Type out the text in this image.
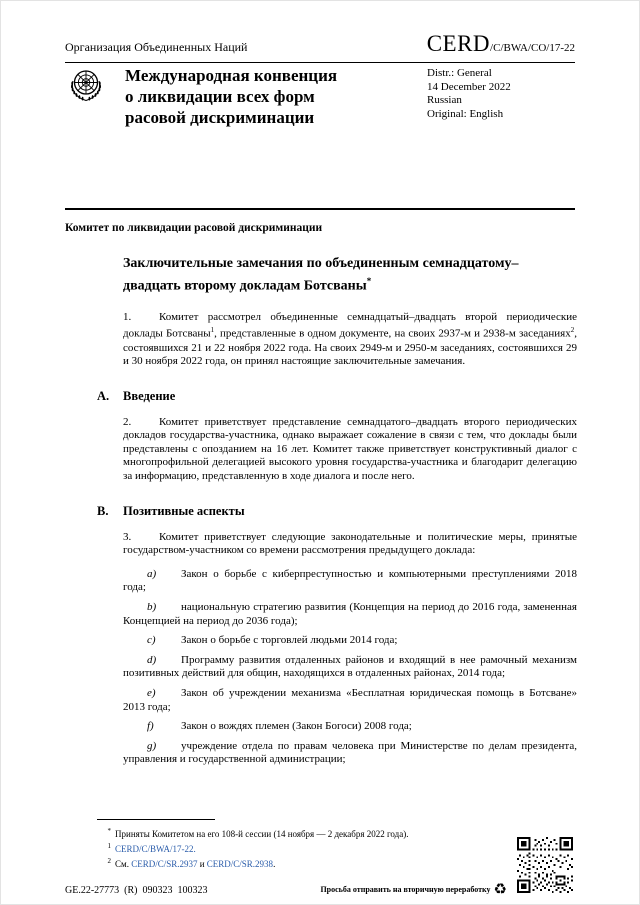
Организация Объединенных Наций	CERD/C/BWA/CO/17-22
Международная конвенция
о ликвидации всех форм
расовой дискриминации
Distr.: General
14 December 2022
Russian
Original: English
Комитет по ликвидации расовой дискриминации
Заключительные замечания по объединенным семнадцатому–двадцать второму докладам Ботсваны*

1.	Комитет рассмотрел объединенные семнадцатый–двадцать второй периодические доклады Ботсваны$^1$, представленные в одном документе, на своих 2937-м и 2938-м заседаниях$^2$, состоявшихся 21 и 22 ноября 2022 года. На своих 2949-м и 2950-м заседаниях, состоявшихся 29 и 30 ноября 2022 года, он принял настоящие заключительные замечания.

A. Введение

2.	Комитет приветствует представление семнадцатого–двадцать второго периодических докладов государства-участника, однако выражает сожаление в связи с тем, что доклады были представлены с опозданием на 16 лет. Комитет также приветствует конструктивный диалог с многопрофильной делегацией высокого уровня государства-участника и благодарит делегацию за информацию, представленную в ходе диалога и после него.

B. Позитивные аспекты

3.	Комитет приветствует следующие законодательные и политические меры, принятые государством-участником со времени рассмотрения предыдущего доклада:

a) Закон о борьбе с киберпреступностью и компьютерными преступлениями 2018 года;

b) национальную стратегию развития (Концепция на период до 2016 года, замененная Концепцией на период до 2036 года);

c) Закон о борьбе с торговлей людьми 2014 года;

d) Программу развития отдаленных районов и входящий в нее рамочный механизм позитивных действий для общин, находящихся в отдаленных районах, 2014 года;

e) Закон об учреждении механизма «Бесплатная юридическая помощь в Ботсване» 2013 года;

f) Закон о вождях племен (Закон Богоси) 2008 года;

g) учреждение отдела по правам человека при Министерстве по делам президента, управления и государственной администрации;

* Приняты Комитетом на его 108-й сессии (14 ноября — 2 декабря 2022 года).
$^1$ CERD/C/BWA/17-22.
$^2$ См. CERD/C/SR.2937 и CERD/C/SR.2938.
GE.22-27773  (R)  090323  100323	Просьба отправить на вторичную переработку ♻
